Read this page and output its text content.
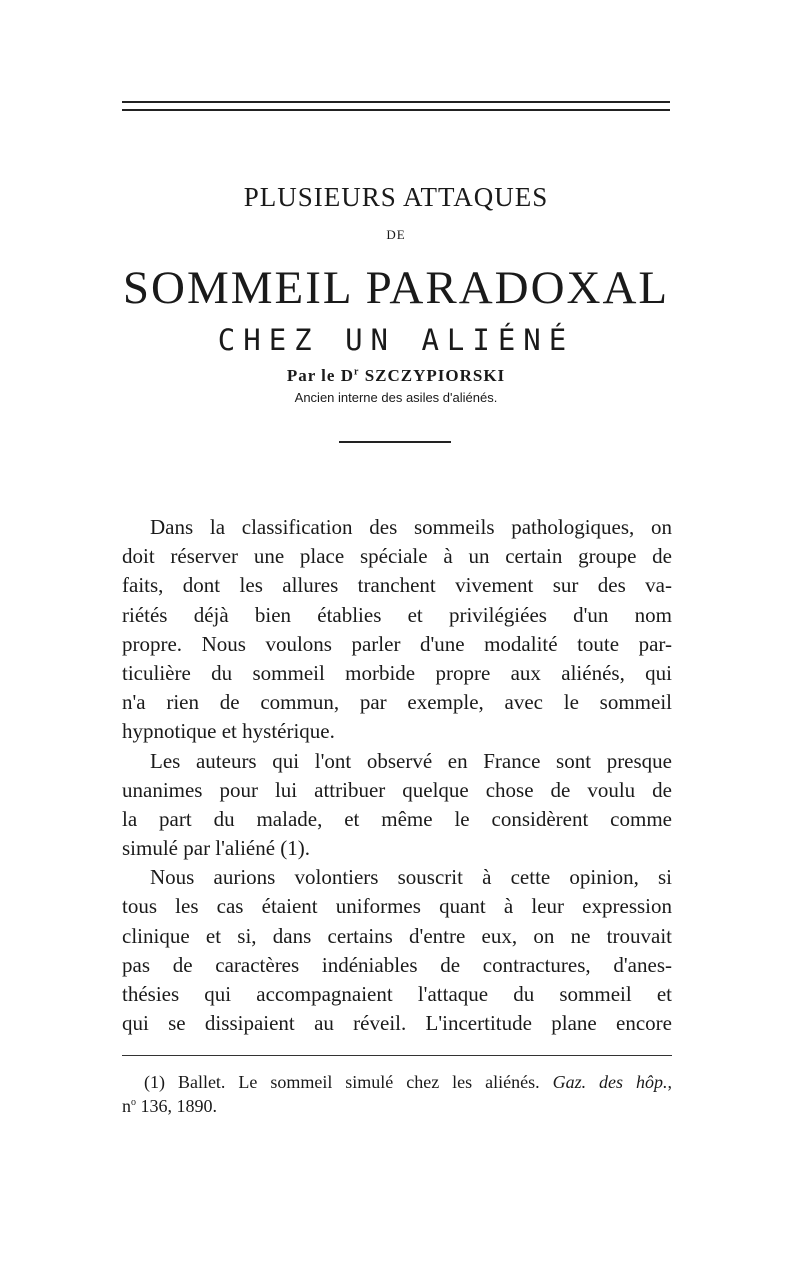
PLUSIEURS ATTAQUES
DE
SOMMEIL PARADOXAL
CHEZ UN ALIÉNÉ
Par le $D^r$ SZCZYPIORSKI
Ancien interne des asiles d'aliénés.
Dans la classification des sommeils pathologiques, on
doit réserver une place spéciale à un certain groupe de
faits, dont les allures tranchent vivement sur des va-
riétés déjà bien établies et privilégiées d'un nom
propre. Nous voulons parler d'une modalité toute par-
ticulière du sommeil morbide propre aux aliénés, qui
n'a rien de commun, par exemple, avec le sommeil
hypnotique et hystérique.
Les auteurs qui l'ont observé en France sont presque
unanimes pour lui attribuer quelque chose de voulu de
la part du malade, et même le considèrent comme
simulé par l'aliéné (1).
Nous aurions volontiers souscrit à cette opinion, si
tous les cas étaient uniformes quant à leur expression
clinique et si, dans certains d'entre eux, on ne trouvait
pas de caractères indéniables de contractures, d'anes-
thésies qui accompagnaient l'attaque du sommeil et
qui se dissipaient au réveil. L'incertitude plane encore
(1) Ballet. Le sommeil simulé chez les aliénés. Gaz. des hôp.,
$n^o$ 136, 1890.
